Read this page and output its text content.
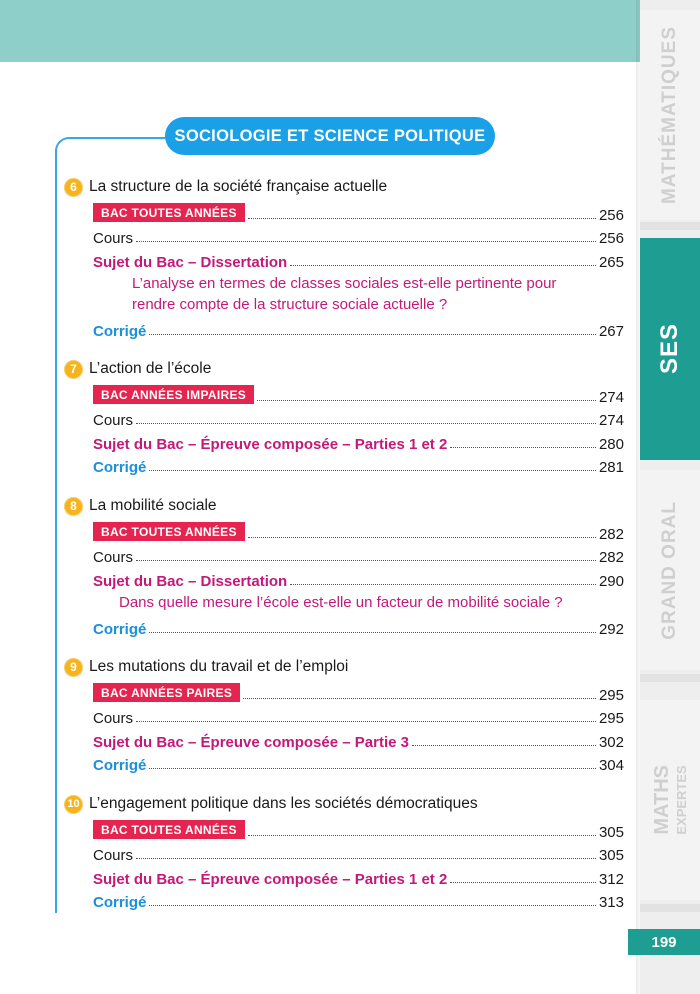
MATHÉMATIQUES
SES
GRAND ORAL
MATHS EXPERTES
SOCIOLOGIE ET SCIENCE POLITIQUE
6 La structure de la société française actuelle
BAC TOUTES ANNÉES	256
Cours	256
Sujet du Bac – Dissertation	265
L’analyse en termes de classes sociales est-elle pertinente pour rendre compte de la structure sociale actuelle ?
Corrigé	267
7 L’action de l’école
BAC ANNÉES IMPAIRES	274
Cours	274
Sujet du Bac – Épreuve composée – Parties 1 et 2	280
Corrigé	281
8 La mobilité sociale
BAC TOUTES ANNÉES	282
Cours	282
Sujet du Bac – Dissertation	290
Dans quelle mesure l’école est-elle un facteur de mobilité sociale ?
Corrigé	292
9 Les mutations du travail et de l’emploi
BAC ANNÉES PAIRES	295
Cours	295
Sujet du Bac – Épreuve composée – Partie 3	302
Corrigé	304
10 L’engagement politique dans les sociétés démocratiques
BAC TOUTES ANNÉES	305
Cours	305
Sujet du Bac – Épreuve composée – Parties 1 et 2	312
Corrigé	313
199
